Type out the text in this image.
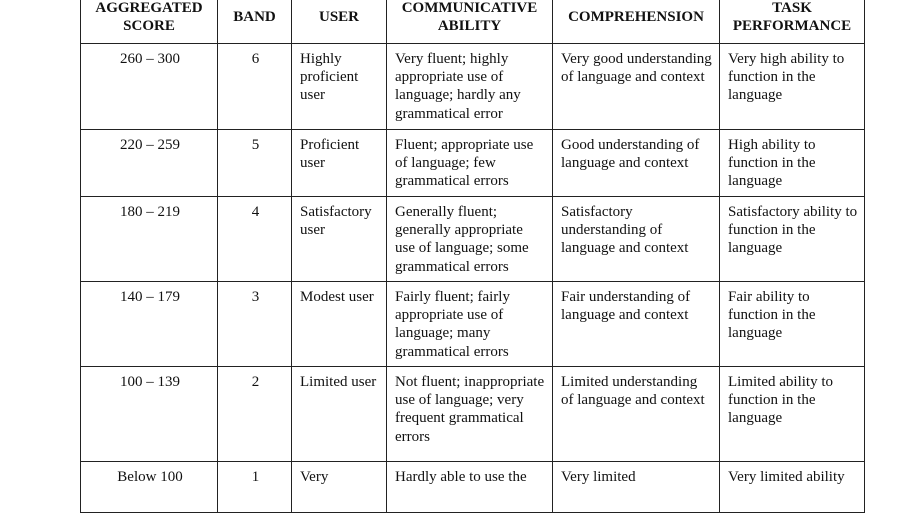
AGGREGATED SCORE	BAND	USER	COMMUNICATIVE ABILITY	COMPREHENSION	TASK PERFORMANCE
260 – 300	6	Highly proficient user	Very fluent; highly appropriate use of language; hardly any grammatical error	Very good understanding of language and context	Very high ability to function in the language
220 – 259	5	Proficient user	Fluent; appropriate use of language; few grammatical errors	Good understanding of language and context	High ability to function in the language
180 – 219	4	Satisfactory user	Generally fluent; generally appropriate use of language; some grammatical errors	Satisfactory understanding of language and context	Satisfactory ability to function in the language
140 – 179	3	Modest user	Fairly fluent; fairly appropriate use of language; many grammatical errors	Fair understanding of language and context	Fair ability to function in the language
100 – 139	2	Limited user	Not fluent; inappropriate use of language; very frequent grammatical errors	Limited understanding of language and context	Limited ability to function in the language
Below 100	1	Very	Hardly able to use the	Very limited	Very limited ability
